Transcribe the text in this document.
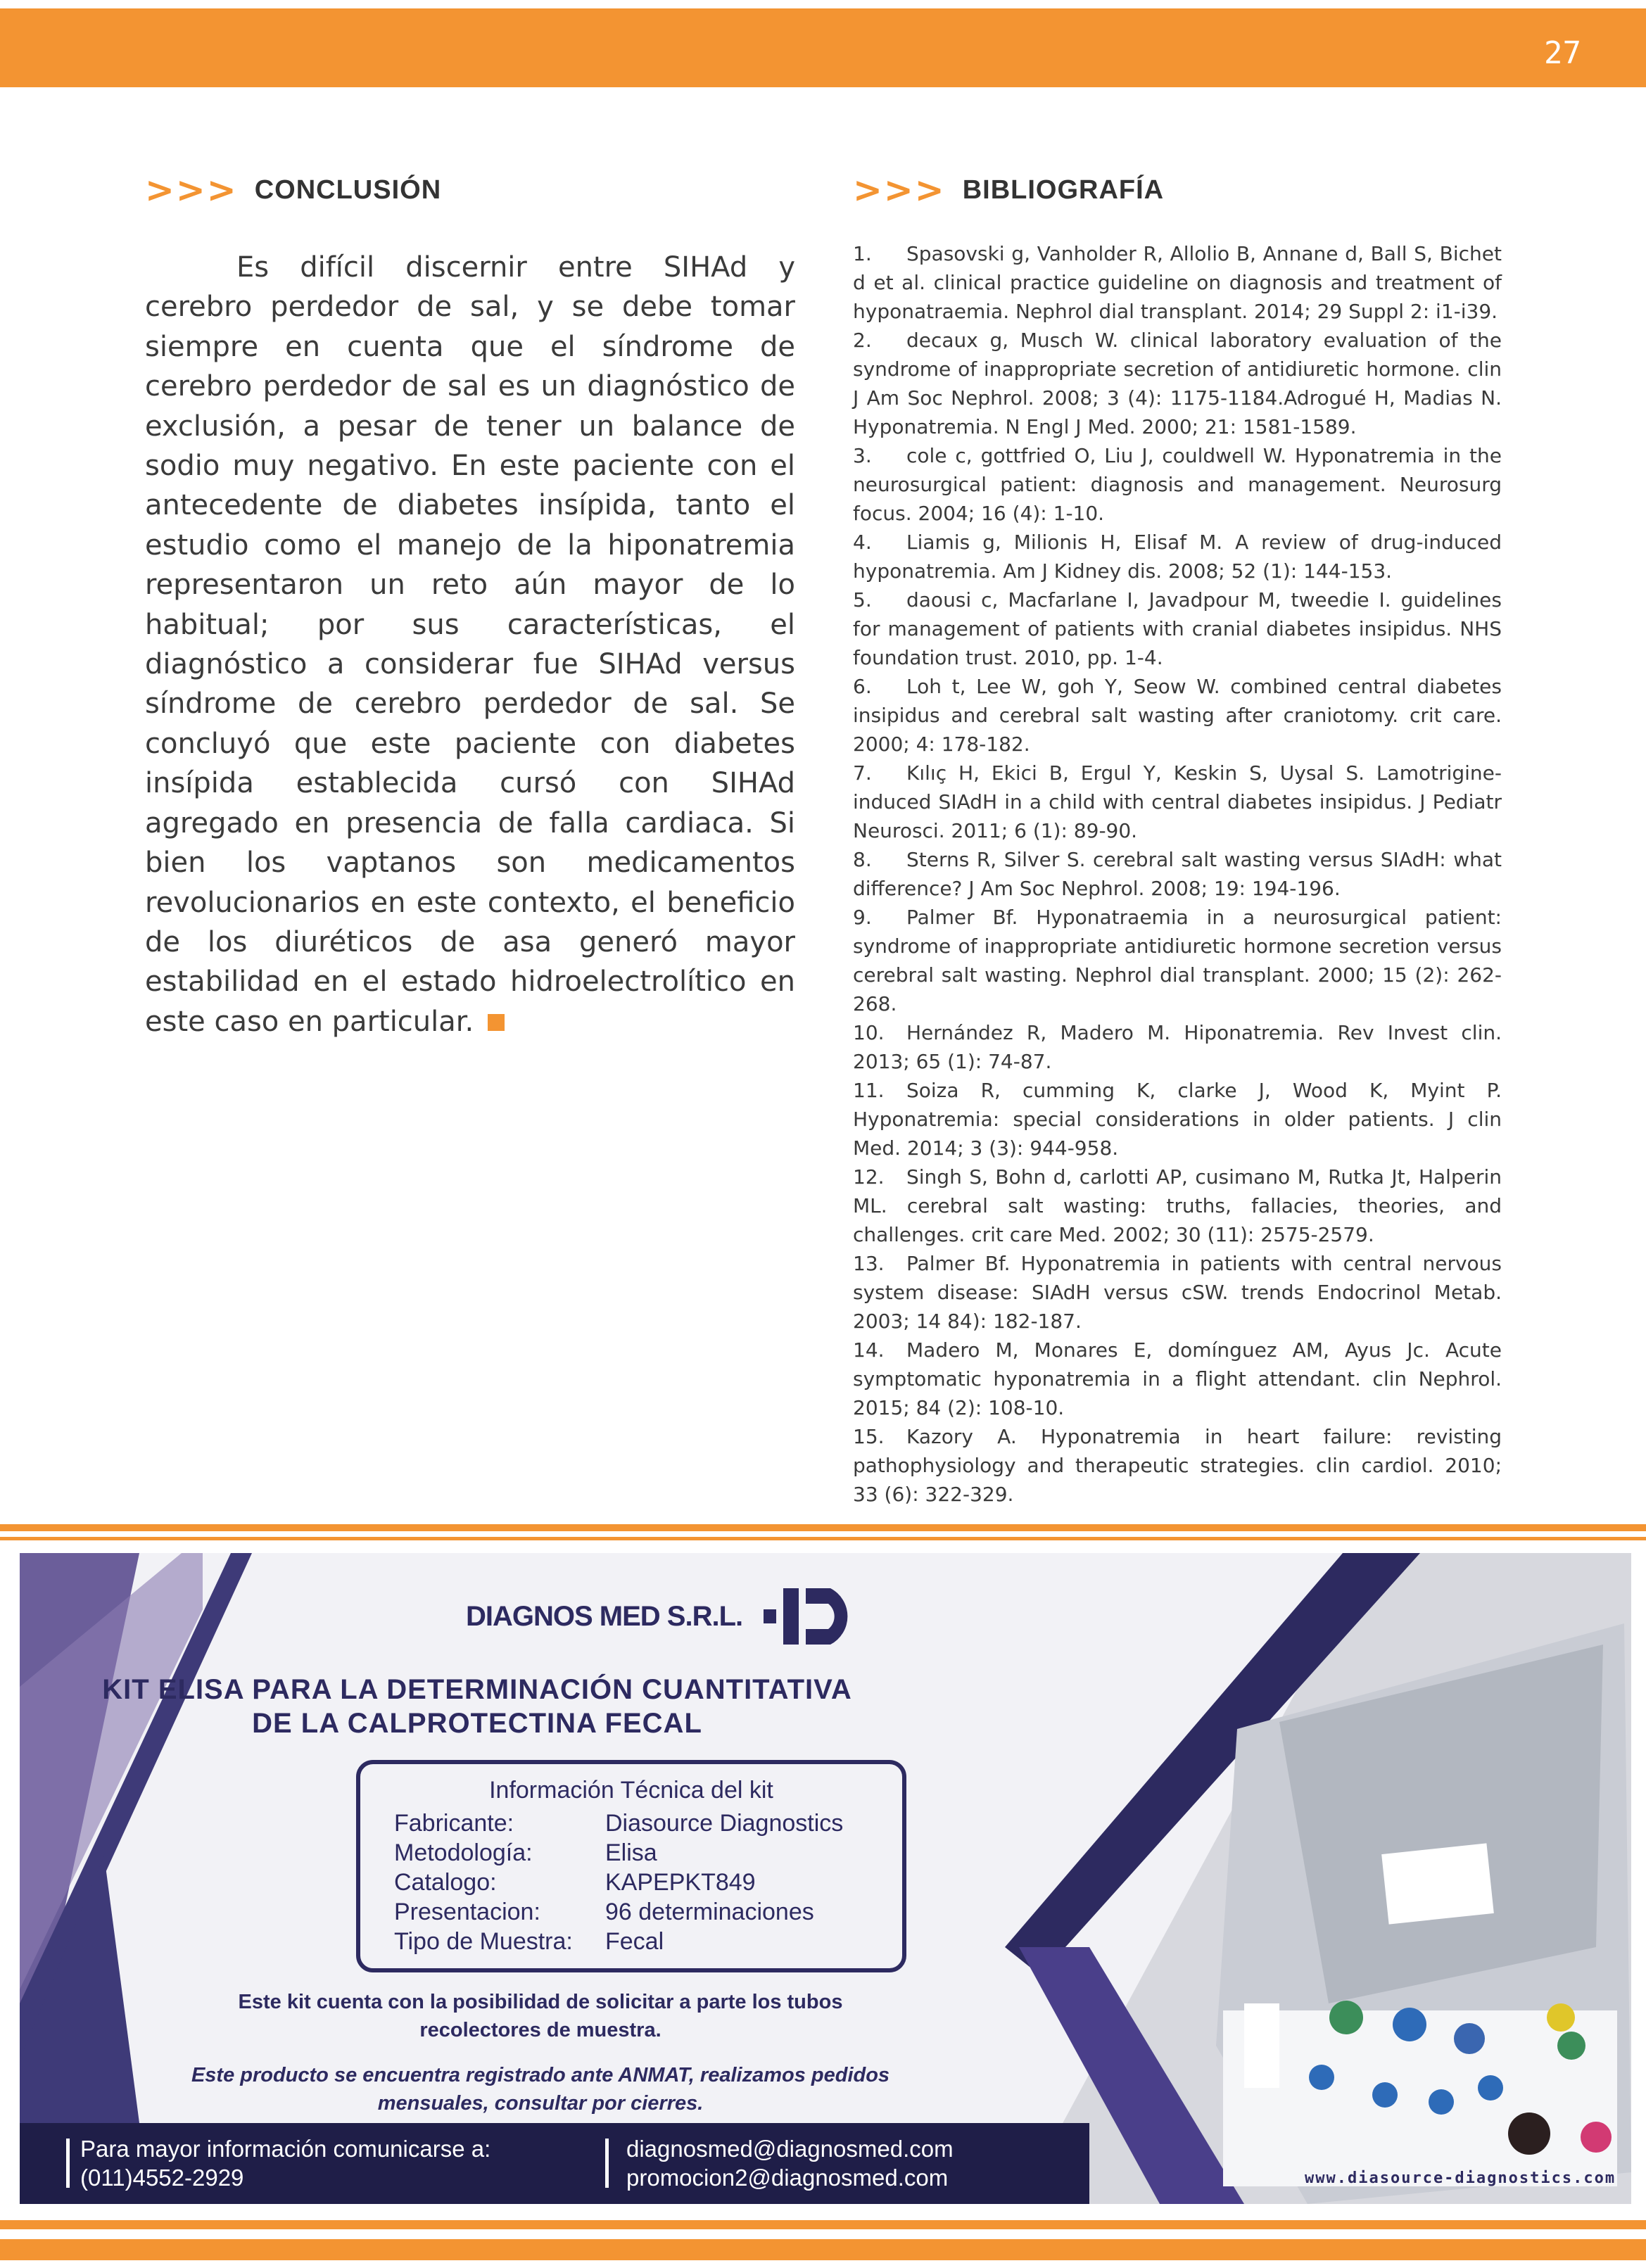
27
>>> CONCLUSIÓN
Es difícil discernir entre SIHAd y cerebro perdedor de sal, y se debe tomar siempre en cuenta que el síndrome de cerebro perdedor de sal es un diagnóstico de exclusión, a pesar de tener un balance de sodio muy negativo. En este paciente con el antecedente de diabetes insípida, tanto el estudio como el manejo de la hiponatremia representaron un reto aún mayor de lo habitual; por sus características, el diagnóstico a considerar fue SIHAd versus síndrome de cerebro perdedor de sal. Se concluyó que este paciente con diabetes insípida establecida cursó con SIHAd agregado en presencia de falla cardiaca. Si bien los vaptanos son medicamentos revolucionarios en este contexto, el beneficio de los diuréticos de asa generó mayor estabilidad en el estado hidroelectrolítico en este caso en particular.
>>> BIBLIOGRAFÍA
1. Spasovski g, Vanholder R, Allolio B, Annane d, Ball S, Bichet d et al. clinical practice guideline on diagnosis and treatment of hyponatraemia. Nephrol dial transplant. 2014; 29 Suppl 2: i1-i39.
2. decaux g, Musch W. clinical laboratory evaluation of the syndrome of inappropriate secretion of antidiuretic hormone. clin J Am Soc Nephrol. 2008; 3 (4): 1175-1184.Adrogué H, Madias N. Hyponatremia. N Engl J Med. 2000; 21: 1581-1589.
3. cole c, gottfried O, Liu J, couldwell W. Hyponatremia in the neurosurgical patient: diagnosis and management. Neurosurg focus. 2004; 16 (4): 1-10.
4. Liamis g, Milionis H, Elisaf M. A review of drug-induced hyponatremia. Am J Kidney dis. 2008; 52 (1): 144-153.
5. daousi c, Macfarlane I, Javadpour M, tweedie I. guidelines for management of patients with cranial diabetes insipidus. NHS foundation trust. 2010, pp. 1-4.
6. Loh t, Lee W, goh Y, Seow W. combined central diabetes insipidus and cerebral salt wasting after craniotomy. crit care. 2000; 4: 178-182.
7. Kılıç H, Ekici B, Ergul Y, Keskin S, Uysal S. Lamotrigine- induced SIAdH in a child with central diabetes insipidus. J Pediatr Neurosci. 2011; 6 (1): 89-90.
8. Sterns R, Silver S. cerebral salt wasting versus SIAdH: what difference? J Am Soc Nephrol. 2008; 19: 194-196.
9. Palmer Bf. Hyponatraemia in a neurosurgical patient: syndrome of inappropriate antidiuretic hormone secretion versus cerebral salt wasting. Nephrol dial transplant. 2000; 15 (2): 262-268.
10. Hernández R, Madero M. Hiponatremia. Rev Invest clin. 2013; 65 (1): 74-87.
11. Soiza R, cumming K, clarke J, Wood K, Myint P. Hyponatremia: special considerations in older patients. J clin Med. 2014; 3 (3): 944-958.
12. Singh S, Bohn d, carlotti AP, cusimano M, Rutka Jt, Halperin ML. cerebral salt wasting: truths, fallacies, theories, and challenges. crit care Med. 2002; 30 (11): 2575-2579.
13. Palmer Bf. Hyponatremia in patients with central nervous system disease: SIAdH versus cSW. trends Endocrinol Metab. 2003; 14 84): 182-187.
14. Madero M, Monares E, domínguez AM, Ayus Jc. Acute symptomatic hyponatremia in a flight attendant. clin Nephrol. 2015; 84 (2): 108-10.
15. Kazory A. Hyponatremia in heart failure: revisting pathophysiology and therapeutic strategies. clin cardiol. 2010; 33 (6): 322-329.
DIAGNOS MED S.R.L.
KIT ELISA PARA LA DETERMINACIÓN CUANTITATIVA
DE LA CALPROTECTINA FECAL
Información Técnica del kit
Fabricante:	Diasource Diagnostics
Metodología:	Elisa
Catalogo:	KAPEPKT849
Presentacion:	96 determinaciones
Tipo de Muestra:	Fecal
Este kit cuenta con la posibilidad de solicitar a parte los tubos
recolectores de muestra.
Este producto se encuentra registrado ante ANMAT, realizamos pedidos
mensuales, consultar por cierres.
Para mayor información comunicarse a:
(011)4552-2929
diagnosmed@diagnosmed.com
promocion2@diagnosmed.com	www.diasource-diagnostics.com
